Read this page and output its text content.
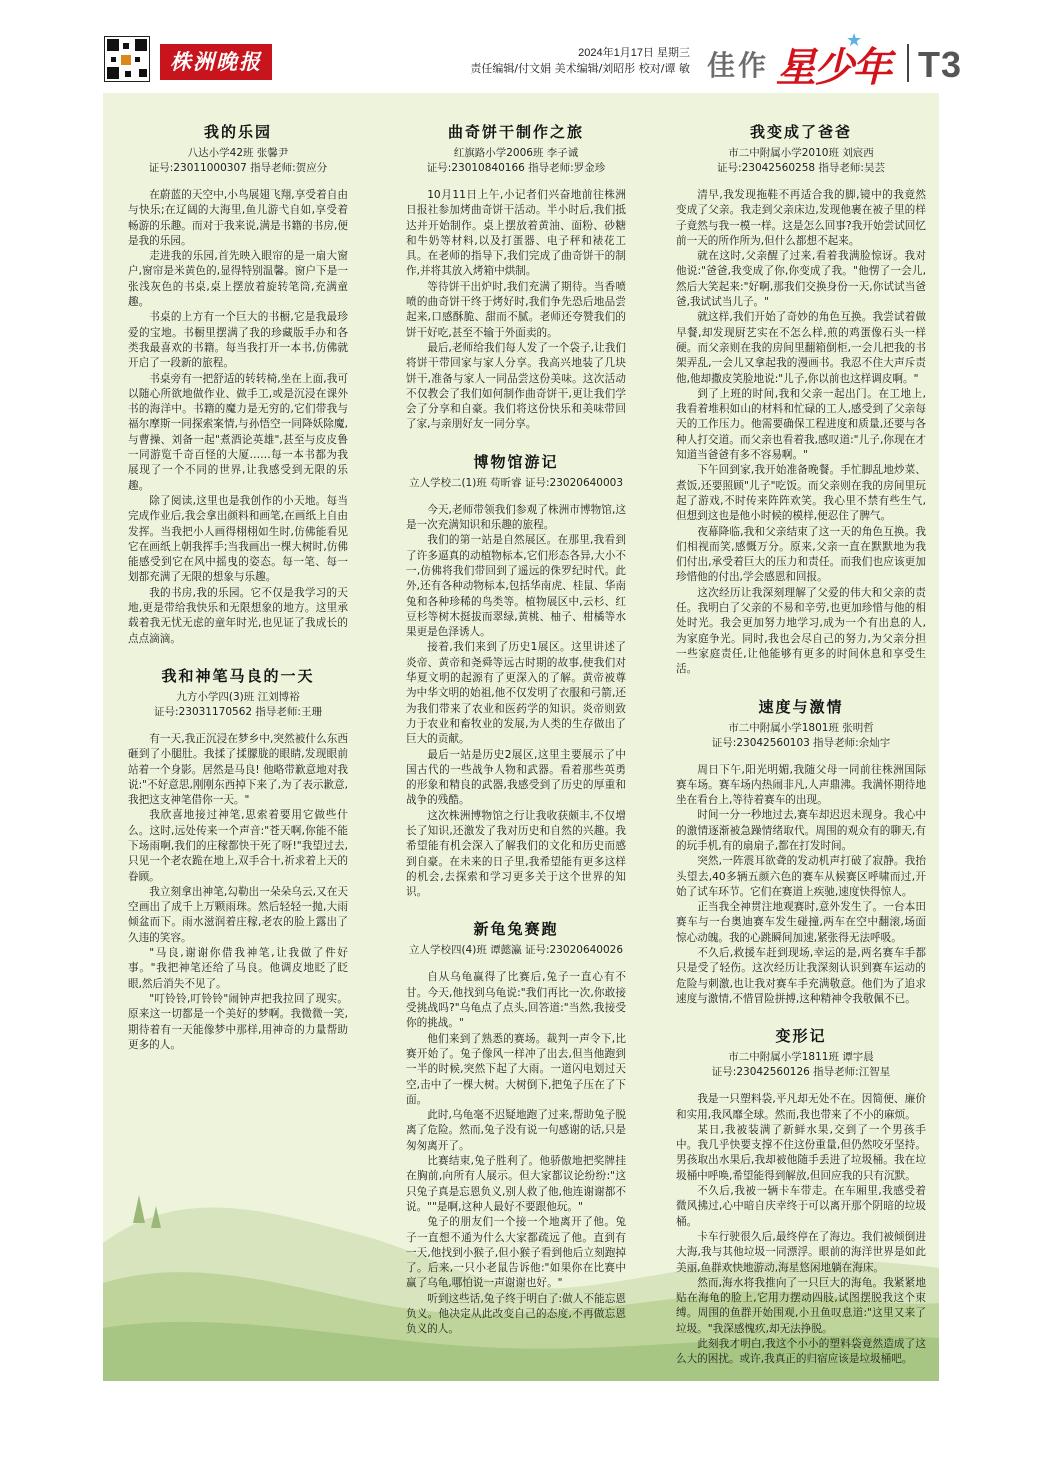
株洲晚报	2024年1月17日 星期三
责任编辑/付文娟 美术编辑/刘昭彤 校对/谭 敏 佳作 星少年
★
T3
我的乐园
八达小学42班 张馨尹
证号:23011000307 指导老师:贺应分

在蔚蓝的天空中,小鸟展翅飞翔,享受着自由与快乐;在辽阔的大海里,鱼儿游弋自如,享受着畅游的乐趣。而对于我来说,满是书籍的书房,便是我的乐园。

走进我的乐园,首先映入眼帘的是一扇大窗户,窗帘是米黄色的,显得特别温馨。窗户下是一张浅灰色的书桌,桌上摆放着旋转笔筒,充满童趣。

书桌的上方有一个巨大的书橱,它是我最珍爱的宝地。书橱里摆满了我的珍藏版手办和各类我最喜欢的书籍。每当我打开一本书,仿佛就开启了一段新的旅程。

书桌旁有一把舒适的转转椅,坐在上面,我可以随心所欲地做作业、做手工,或是沉浸在课外书的海洋中。书籍的魔力是无穷的,它们带我与福尔摩斯一同探索案情,与孙悟空一同降妖除魔,与曹操、刘备一起"煮酒论英雄",甚至与皮皮鲁一同游览千奇百怪的大厦……每一本书都为我展现了一个不同的世界,让我感受到无限的乐趣。

除了阅读,这里也是我创作的小天地。每当完成作业后,我会拿出颜料和画笔,在画纸上自由发挥。当我把小人画得栩栩如生时,仿佛能看见它在画纸上朝我挥手;当我画出一棵大树时,仿佛能感受到它在风中摇曳的姿态。每一笔、每一划都充满了无限的想象与乐趣。

我的书房,我的乐园。它不仅是我学习的天地,更是带给我快乐和无限想象的地方。这里承载着我无忧无虑的童年时光,也见证了我成长的点点滴滴。

我和神笔马良的一天
九方小学四(3)班 江刘博裕
证号:23031170562 指导老师:王珊

有一天,我正沉浸在梦乡中,突然被什么东西砸到了小腿肚。我揉了揉朦胧的眼睛,发现眼前站着一个身影。居然是马良! 他略带歉意地对我说:"不好意思,刚刚东西掉下来了,为了表示歉意,我把这支神笔借你一天。"

我欣喜地接过神笔,思索着要用它做些什么。这时,远处传来一个声音:"苍天啊,你能不能下场雨啊,我们的庄稼都快干死了呀!"我望过去,只见一个老农跪在地上,双手合十,祈求着上天的眷顾。

我立刻拿出神笔,勾勒出一朵朵乌云,又在天空画出了成千上万颗雨珠。然后轻轻一抛,大雨倾盆而下。雨水滋润着庄稼,老农的脸上露出了久违的笑容。

"马良,谢谢你借我神笔,让我做了件好事。"我把神笔还给了马良。他调皮地眨了眨眼,然后消失不见了。

"叮铃铃,叮铃铃"闹钟声把我拉回了现实。原来这一切都是一个美好的梦啊。我微微一笑,期待着有一天能像梦中那样,用神奇的力量帮助更多的人。

曲奇饼干制作之旅
红旗路小学2006班 李子诚
证号:23010840166 指导老师:罗金珍

10月11日上午,小记者们兴奋地前往株洲日报社参加烤曲奇饼干活动。半小时后,我们抵达并开始制作。桌上摆放着黄油、面粉、砂糖和牛奶等材料,以及打蛋器、电子秤和裱花工具。在老师的指导下,我们完成了曲奇饼干的制作,并将其放入烤箱中烘制。

等待饼干出炉时,我们充满了期待。当香喷喷的曲奇饼干终于烤好时,我们争先恐后地品尝起来,口感酥脆、甜而不腻。老师还夸赞我们的饼干好吃,甚至不输于外面卖的。

最后,老师给我们每人发了一个袋子,让我们将饼干带回家与家人分享。我高兴地装了几块饼干,准备与家人一同品尝这份美味。这次活动不仅教会了我们如何制作曲奇饼干,更让我们学会了分享和自豪。我们将这份快乐和美味带回了家,与亲朋好友一同分享。

博物馆游记
立人学校二(1)班 苟昕睿 证号:23020640003

今天,老师带领我们参观了株洲市博物馆,这是一次充满知识和乐趣的旅程。

我们的第一站是自然展区。在那里,我看到了许多逼真的动植物标本,它们形态各异,大小不一,仿佛将我们带回到了遥远的侏罗纪时代。此外,还有各种动物标本,包括华南虎、桂鼠、华南兔和各种珍稀的鸟类等。植物展区中,云杉、红豆杉等树木挺拔而翠绿,黄桃、柚子、柑橘等水果更是色泽诱人。

接着,我们来到了历史1展区。这里讲述了炎帝、黄帝和尧舜等远古时期的故事,使我们对华夏文明的起源有了更深入的了解。黄帝被尊为中华文明的始祖,他不仅发明了衣服和弓箭,还为我们带来了农业和医药学的知识。炎帝则致力于农业和畜牧业的发展,为人类的生存做出了巨大的贡献。

最后一站是历史2展区,这里主要展示了中国古代的一些战争人物和武器。看着那些英勇的形象和精良的武器,我感受到了历史的厚重和战争的残酷。

这次株洲博物馆之行让我收获颇丰,不仅增长了知识,还激发了我对历史和自然的兴趣。我希望能有机会深入了解我们的文化和历史而感到自豪。在未来的日子里,我希望能有更多这样的机会,去探索和学习更多关于这个世界的知识。

新龟兔赛跑
立人学校四(4)班 谭懿瀛 证号:23020640026

自从乌龟赢得了比赛后,兔子一直心有不甘。今天,他找到乌龟说:"我们再比一次,你敢接受挑战吗?"乌龟点了点头,回答道:"当然,我接受你的挑战。"

他们来到了熟悉的赛场。裁判一声令下,比赛开始了。兔子像风一样冲了出去,但当他跑到一半的时候,突然下起了大雨。一道闪电划过天空,击中了一棵大树。大树倒下,把兔子压在了下面。

此时,乌龟毫不迟疑地跑了过来,帮助兔子脱离了危险。然而,兔子没有说一句感谢的话,只是匆匆离开了。

比赛结束,兔子胜利了。他骄傲地把奖牌挂在胸前,向所有人展示。但大家都议论纷纷:"这只兔子真是忘恩负义,别人救了他,他连谢谢都不说。""是啊,这种人最好不要跟他玩。"

兔子的朋友们一个接一个地离开了他。兔子一直想不通为什么大家都疏远了他。直到有一天,他找到小猴子,但小猴子看到他后立刻跑掉了。后来,一只小老鼠告诉他:"如果你在比赛中赢了乌龟,哪怕说一声谢谢也好。"

听到这些话,兔子终于明白了:做人不能忘恩负义。他决定从此改变自己的态度,不再做忘恩负义的人。

我变成了爸爸
市二中附属小学2010班 刘宸西
证号:23042560258 指导老师:吴芸

清早,我发现拖鞋不再适合我的脚,镜中的我竟然变成了父亲。我走到父亲床边,发现他裹在被子里的样子竟然与我一模一样。这是怎么回事?我开始尝试回忆前一天的所作所为,但什么都想不起来。

就在这时,父亲醒了过来,看着我满脸惊讶。我对他说:"爸爸,我变成了你,你变成了我。"他愣了一会儿,然后大笑起来:"好啊,那我们交换身份一天,你试试当爸爸,我试试当儿子。"

就这样,我们开始了奇妙的角色互换。我尝试着做早餐,却发现厨艺实在不怎么样,煎的鸡蛋像石头一样硬。而父亲则在我的房间里翻箱倒柜,一会儿把我的书架弄乱,一会儿又拿起我的漫画书。我忍不住大声斥责他,他却撒皮笑脸地说:"儿子,你以前也这样调皮啊。"

到了上班的时间,我和父亲一起出门。在工地上,我看着堆积如山的材料和忙碌的工人,感受到了父亲每天的工作压力。他需要确保工程进度和质量,还要与各种人打交道。而父亲也看着我,感叹道:"儿子,你现在才知道当爸爸有多不容易啊。"

下午回到家,我开始准备晚餐。手忙脚乱地炒菜、煮饭,还要照顾"儿子"吃饭。而父亲则在我的房间里玩起了游戏,不时传来阵阵欢笑。我心里不禁有些生气,但想到这也是他小时候的模样,便忍住了脾气。

夜幕降临,我和父亲结束了这一天的角色互换。我们相视而笑,感慨万分。原来,父亲一直在默默地为我们付出,承受着巨大的压力和责任。而我们也应该更加珍惜他的付出,学会感恩和回报。

这次经历让我深刻理解了父爱的伟大和父亲的责任。我明白了父亲的不易和辛劳,也更加珍惜与他的相处时光。我会更加努力地学习,成为一个有出息的人,为家庭争光。同时,我也会尽自己的努力,为父亲分担一些家庭责任,让他能够有更多的时间休息和享受生活。

速度与激情
市二中附属小学1801班 张明哲
证号:23042560103 指导老师:余灿宇

周日下午,阳光明媚,我随父母一同前往株洲国际赛车场。赛车场内热闹非凡,人声鼎沸。我满怀期待地坐在看台上,等待着赛车的出现。

时间一分一秒地过去,赛车却迟迟未现身。我心中的激情逐渐被急躁情绪取代。周围的观众有的聊天,有的玩手机,有的扇扇子,都在打发时间。

突然,一阵震耳欲聋的发动机声打破了寂静。我抬头望去,40多辆五颜六色的赛车从候赛区呼啸而过,开始了试车环节。它们在赛道上疾驰,速度快得惊人。

正当我全神贯注地观赛时,意外发生了。一台本田赛车与一台奥迪赛车发生碰撞,两车在空中翻滚,场面惊心动魄。我的心跳瞬间加速,紧张得无法呼吸。

不久后,救援车赶到现场,幸运的是,两名赛车手都只是受了轻伤。这次经历让我深刻认识到赛车运动的危险与刺激,也让我对赛车手充满敬意。他们为了追求速度与激情,不惜冒险拼搏,这种精神令我敬佩不已。

变形记
市二中附属小学1811班 谭宇晨
证号:23042560126 指导老师:江智星

我是一只塑料袋,平凡却无处不在。因简便、廉价和实用,我风靡全球。然而,我也带来了不小的麻烦。

某日,我被装满了新鲜水果,交到了一个男孩手中。我几乎快要支撑不住这份重量,但仍然咬牙坚持。男孩取出水果后,我却被他随手丢进了垃圾桶。我在垃圾桶中呼唤,希望能得到解放,但回应我的只有沉默。

不久后,我被一辆卡车带走。在车厢里,我感受着微风拂过,心中暗自庆幸终于可以离开那个阴暗的垃圾桶。

卡车行驶很久后,最终停在了海边。我们被倾倒进大海,我与其他垃圾一同漂浮。眼前的海洋世界是如此美丽,鱼群欢快地游动,海星悠闲地躺在海床。

然而,海水将我推向了一只巨大的海龟。我紧紧地贴在海龟的脸上,它用力摆动四肢,试图摆脱我这个束缚。周围的鱼群开始围观,小丑鱼叹息道:"这里又来了垃圾。"我深感愧疚,却无法挣脱。

此刻我才明白,我这个小小的塑料袋竟然造成了这么大的困扰。或许,我真正的归宿应该是垃圾桶吧。
